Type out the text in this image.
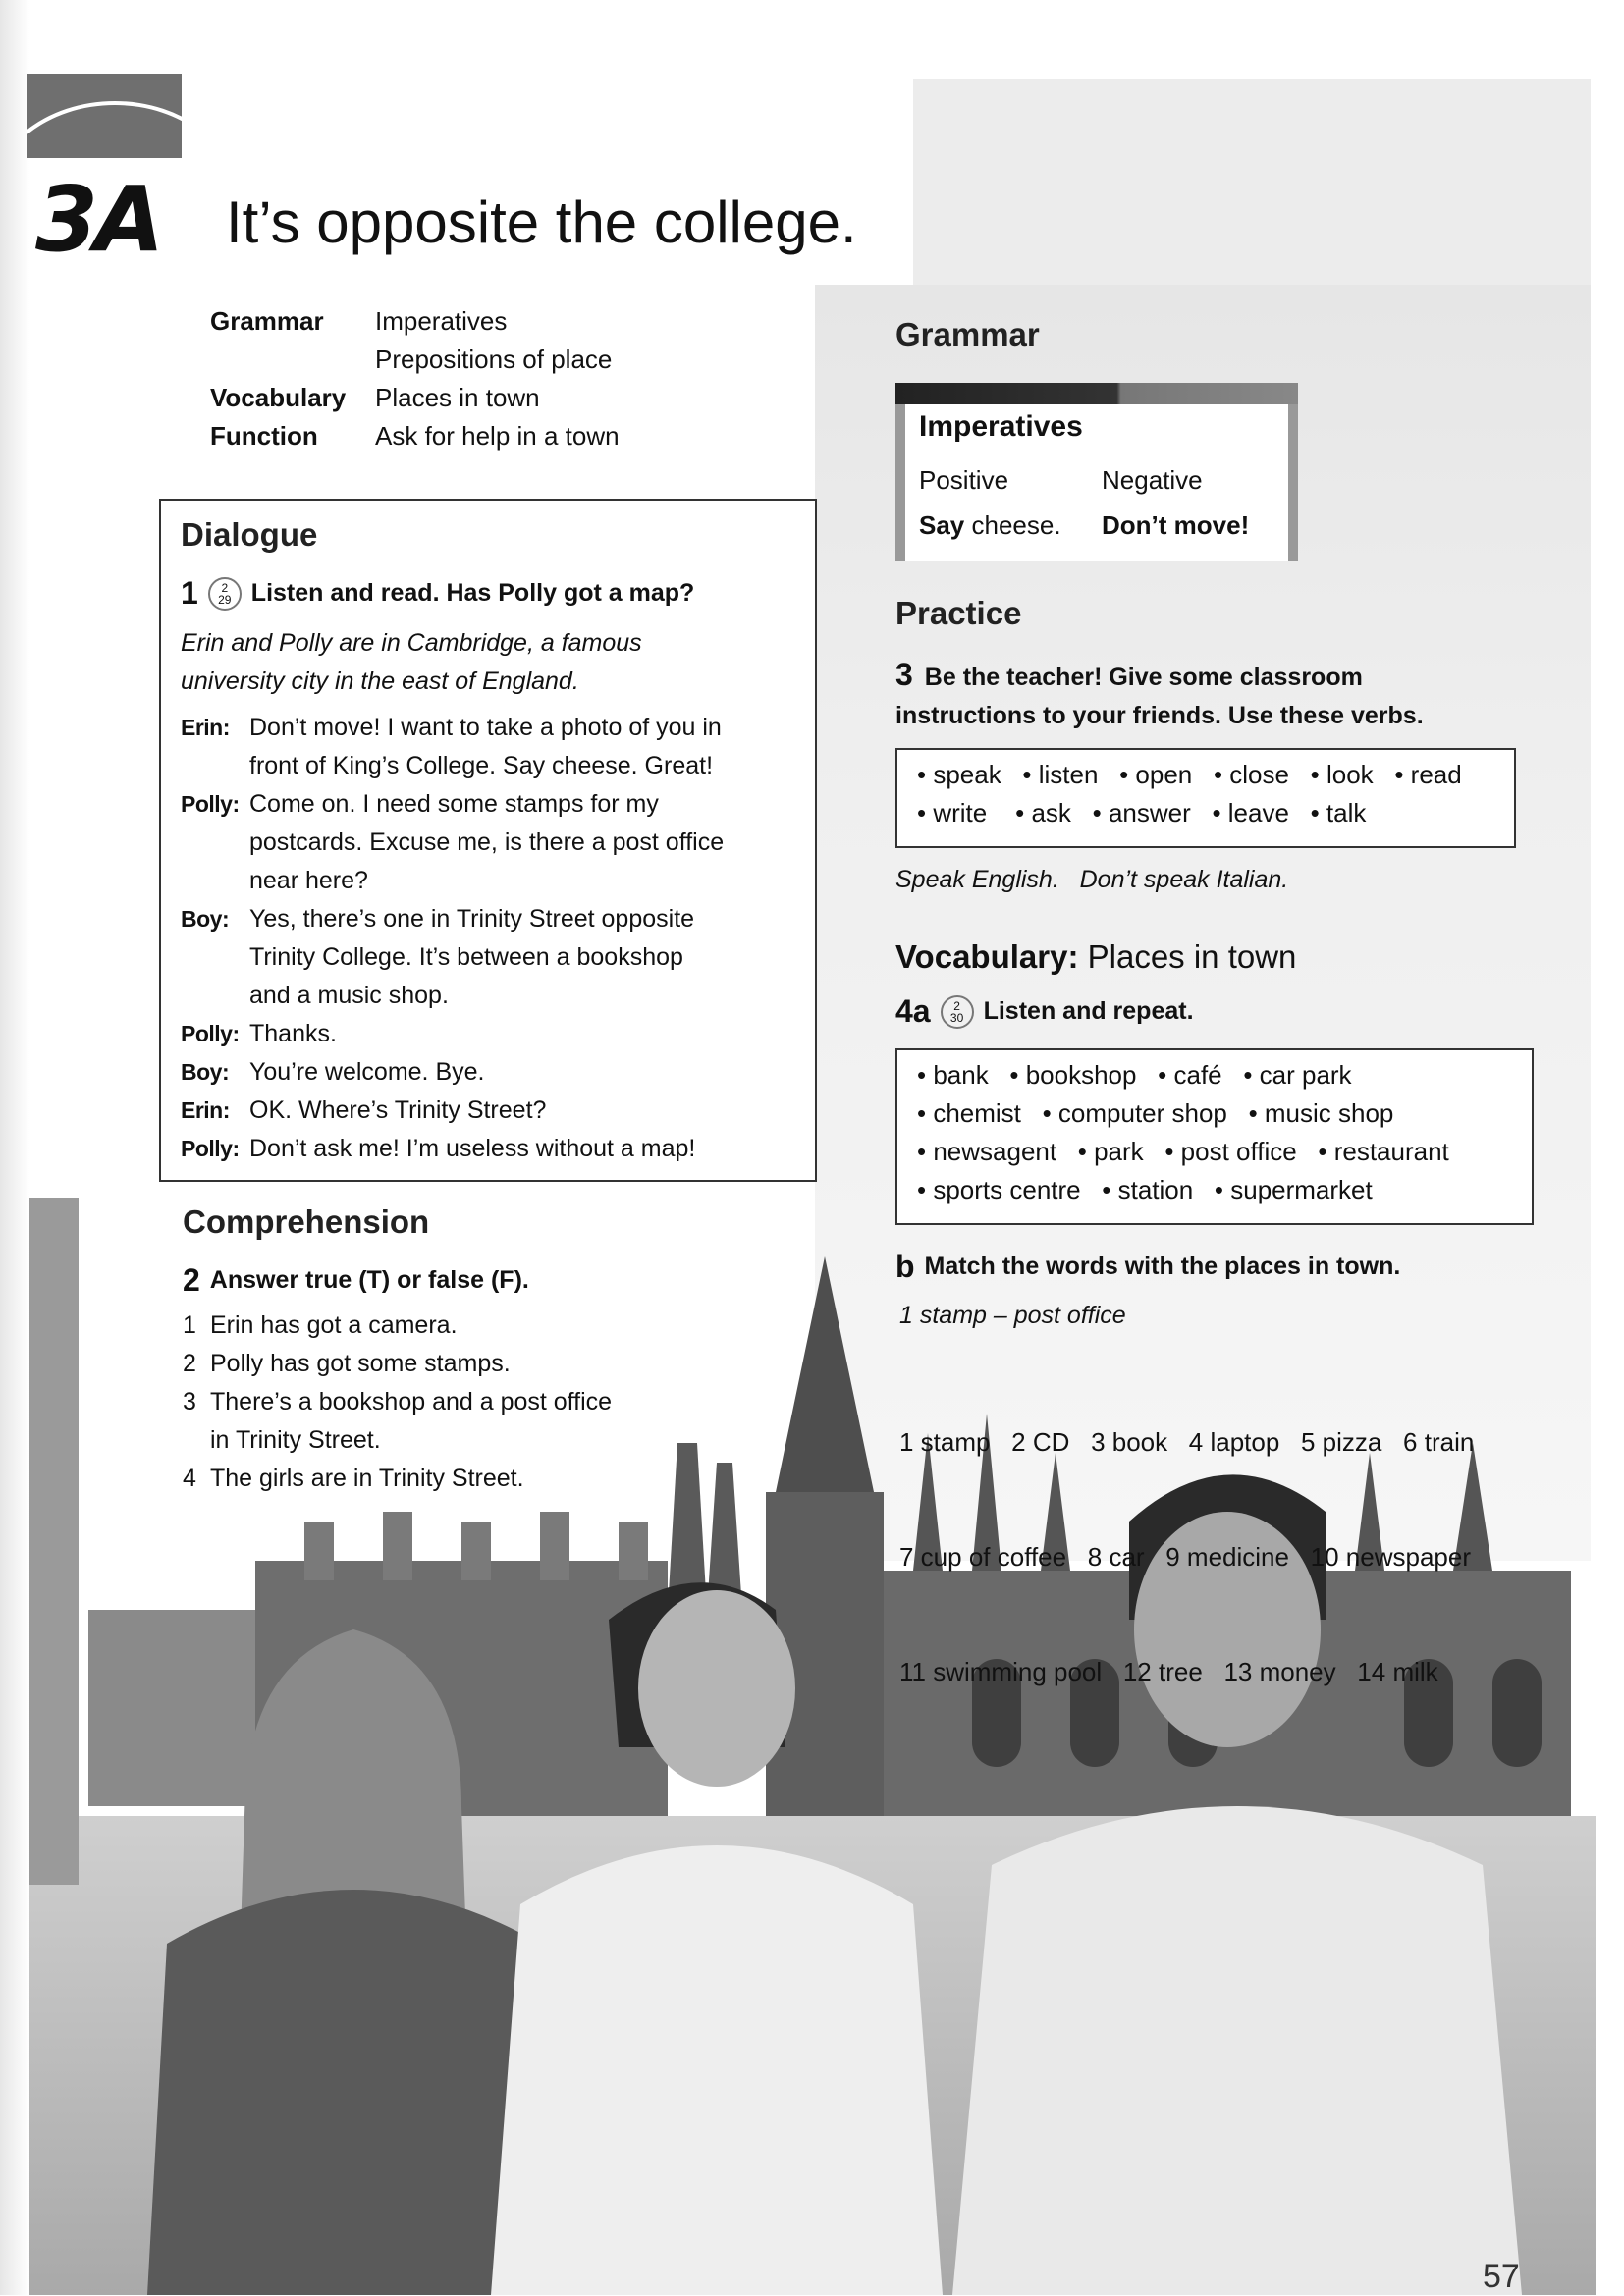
3A It’s opposite the college.
Grammar	Imperatives
Prepositions of place
Vocabulary	Places in town
Function	Ask for help in a town
Dialogue
1 2
29 Listen and read. Has Polly got a map?
Erin and Polly are in Cambridge, a famous
university city in the east of England.
Erin: Don’t move! I want to take a photo of you in
front of King’s College. Say cheese. Great!
Polly: Come on. I need some stamps for my
postcards. Excuse me, is there a post office
near here?
Boy: Yes, there’s one in Trinity Street opposite
Trinity College. It’s between a bookshop
and a music shop.
Polly: Thanks.
Boy: You’re welcome. Bye.
Erin: OK. Where’s Trinity Street?
Polly: Don’t ask me! I’m useless without a map!
Comprehension
2 Answer true (T) or false (F).
1 Erin has got a camera.
2 Polly has got some stamps.
3 There’s a bookshop and a post office
in Trinity Street.
4 The girls are in Trinity Street.
Grammar
Imperatives
Positive	Negative
Say cheese. Don’t move!
Practice
3 Be the teacher! Give some classroom
instructions to your friends. Use these verbs.
• speak • listen • open • close • look • read
• write • ask • answer • leave • talk
Speak English.   Don’t speak Italian.
Vocabulary: Places in town
4a 2
30 Listen and repeat.
• bank • bookshop • café • car park
• chemist • computer shop • music shop
• newsagent • park • post office • restaurant
• sports centre • station • supermarket
b Match the words with the places in town.
1 stamp – post office

1 stamp   2 CD   3 book   4 laptop   5 pizza   6 train

7 cup of coffee   8 car   9 medicine   10 newspaper

11 swimming pool   12 tree   13 money   14 milk

57
